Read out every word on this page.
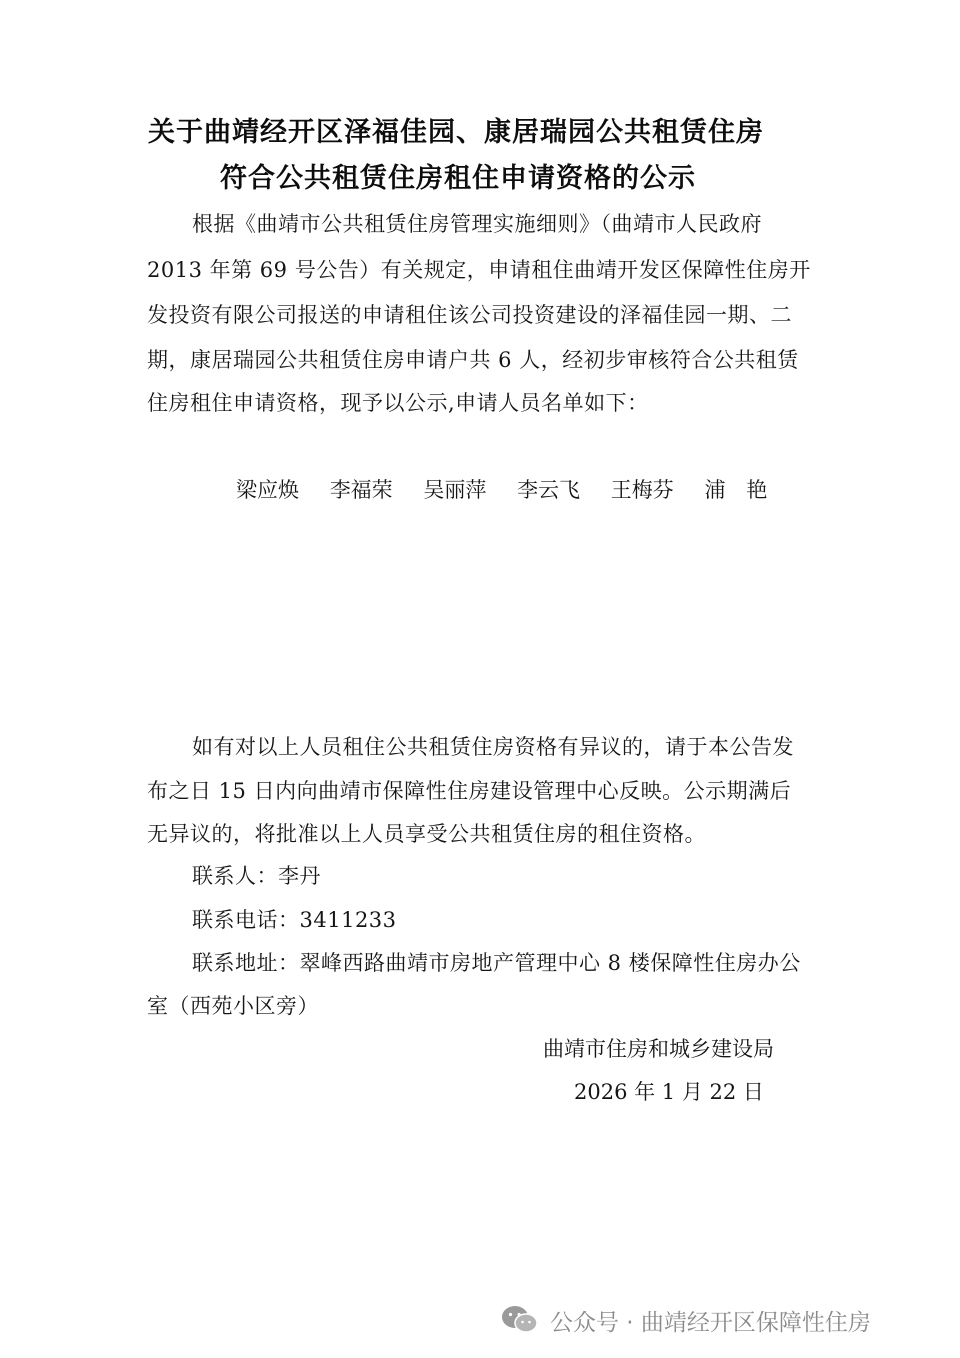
关于曲靖经开区泽福佳园、康居瑞园公共租赁住房
符合公共租赁住房租住申请资格的公示
根据《曲靖市公共租赁住房管理实施细则》（曲靖市人民政府
2013 年第 69 号公告）有关规定，申请租住曲靖开发区保障性住房开
发投资有限公司报送的申请租住该公司投资建设的泽福佳园一期、二
期，康居瑞园公共租赁住房申请户共 6 人，经初步审核符合公共租赁
住房租住申请资格，现予以公示,申请人员名单如下：
梁应焕 李福荣 吴丽萍 李云飞 王梅芬 浦　艳
如有对以上人员租住公共租赁住房资格有异议的，请于本公告发
布之日 15 日内向曲靖市保障性住房建设管理中心反映。公示期满后
无异议的，将批准以上人员享受公共租赁住房的租住资格。
联系人：李丹
联系电话：3411233
联系地址：翠峰西路曲靖市房地产管理中心 8 楼保障性住房办公
室（西苑小区旁）
曲靖市住房和城乡建设局
2026 年 1 月 22 日
公众号 · 曲靖经开区保障性住房
